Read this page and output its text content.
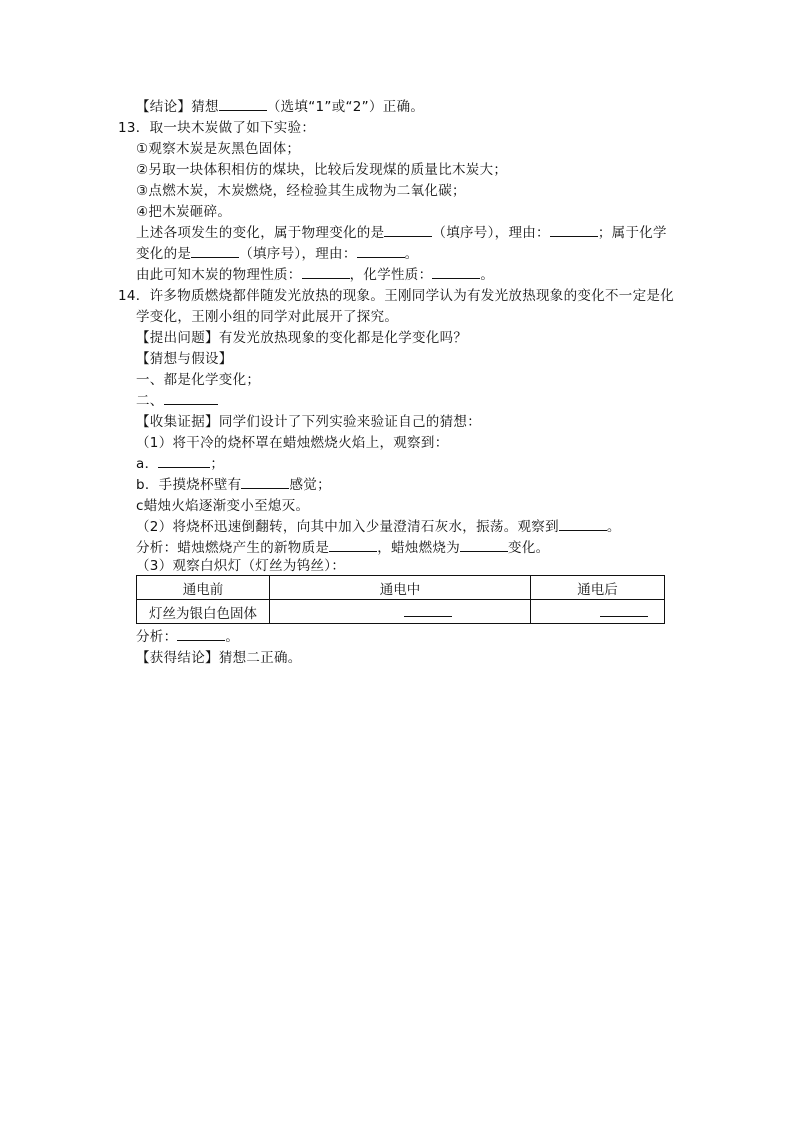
【结论】猜想	（选填“1”或“2”）正确。
13．取一块木炭做了如下实验：
①观察木炭是灰黑色固体；
②另取一块体积相仿的煤块，比较后发现煤的质量比木炭大；
③点燃木炭，木炭燃烧，经检验其生成物为二氧化碳；
④把木炭砸碎。
上述各项发生的变化，属于物理变化的是	（填序号），理由：	；属于化学
变化的是	（填序号），理由：	。
由此可知木炭的物理性质：	，化学性质：	。
14．许多物质燃烧都伴随发光放热的现象。王刚同学认为有发光放热现象的变化不一定是化
学变化，王刚小组的同学对此展开了探究。
【提出问题】有发光放热现象的变化都是化学变化吗？
【猜想与假设】
一、都是化学变化；
二、
【收集证据】同学们设计了下列实验来验证自己的猜想：
（1）将干冷的烧杯罩在蜡烛燃烧火焰上，观察到：
a．	；
b．手摸烧杯壁有	感觉；
c蜡烛火焰逐渐变小至熄灭。
（2）将烧杯迅速倒翻转，向其中加入少量澄清石灰水，振荡。观察到	。
分析：蜡烛燃烧产生的新物质是	，蜡烛燃烧为	变化。
（3）观察白炽灯（灯丝为钨丝）：
通电前	通电中	通电后
灯丝为银白色固体		
分析：	。
【获得结论】猜想二正确。
